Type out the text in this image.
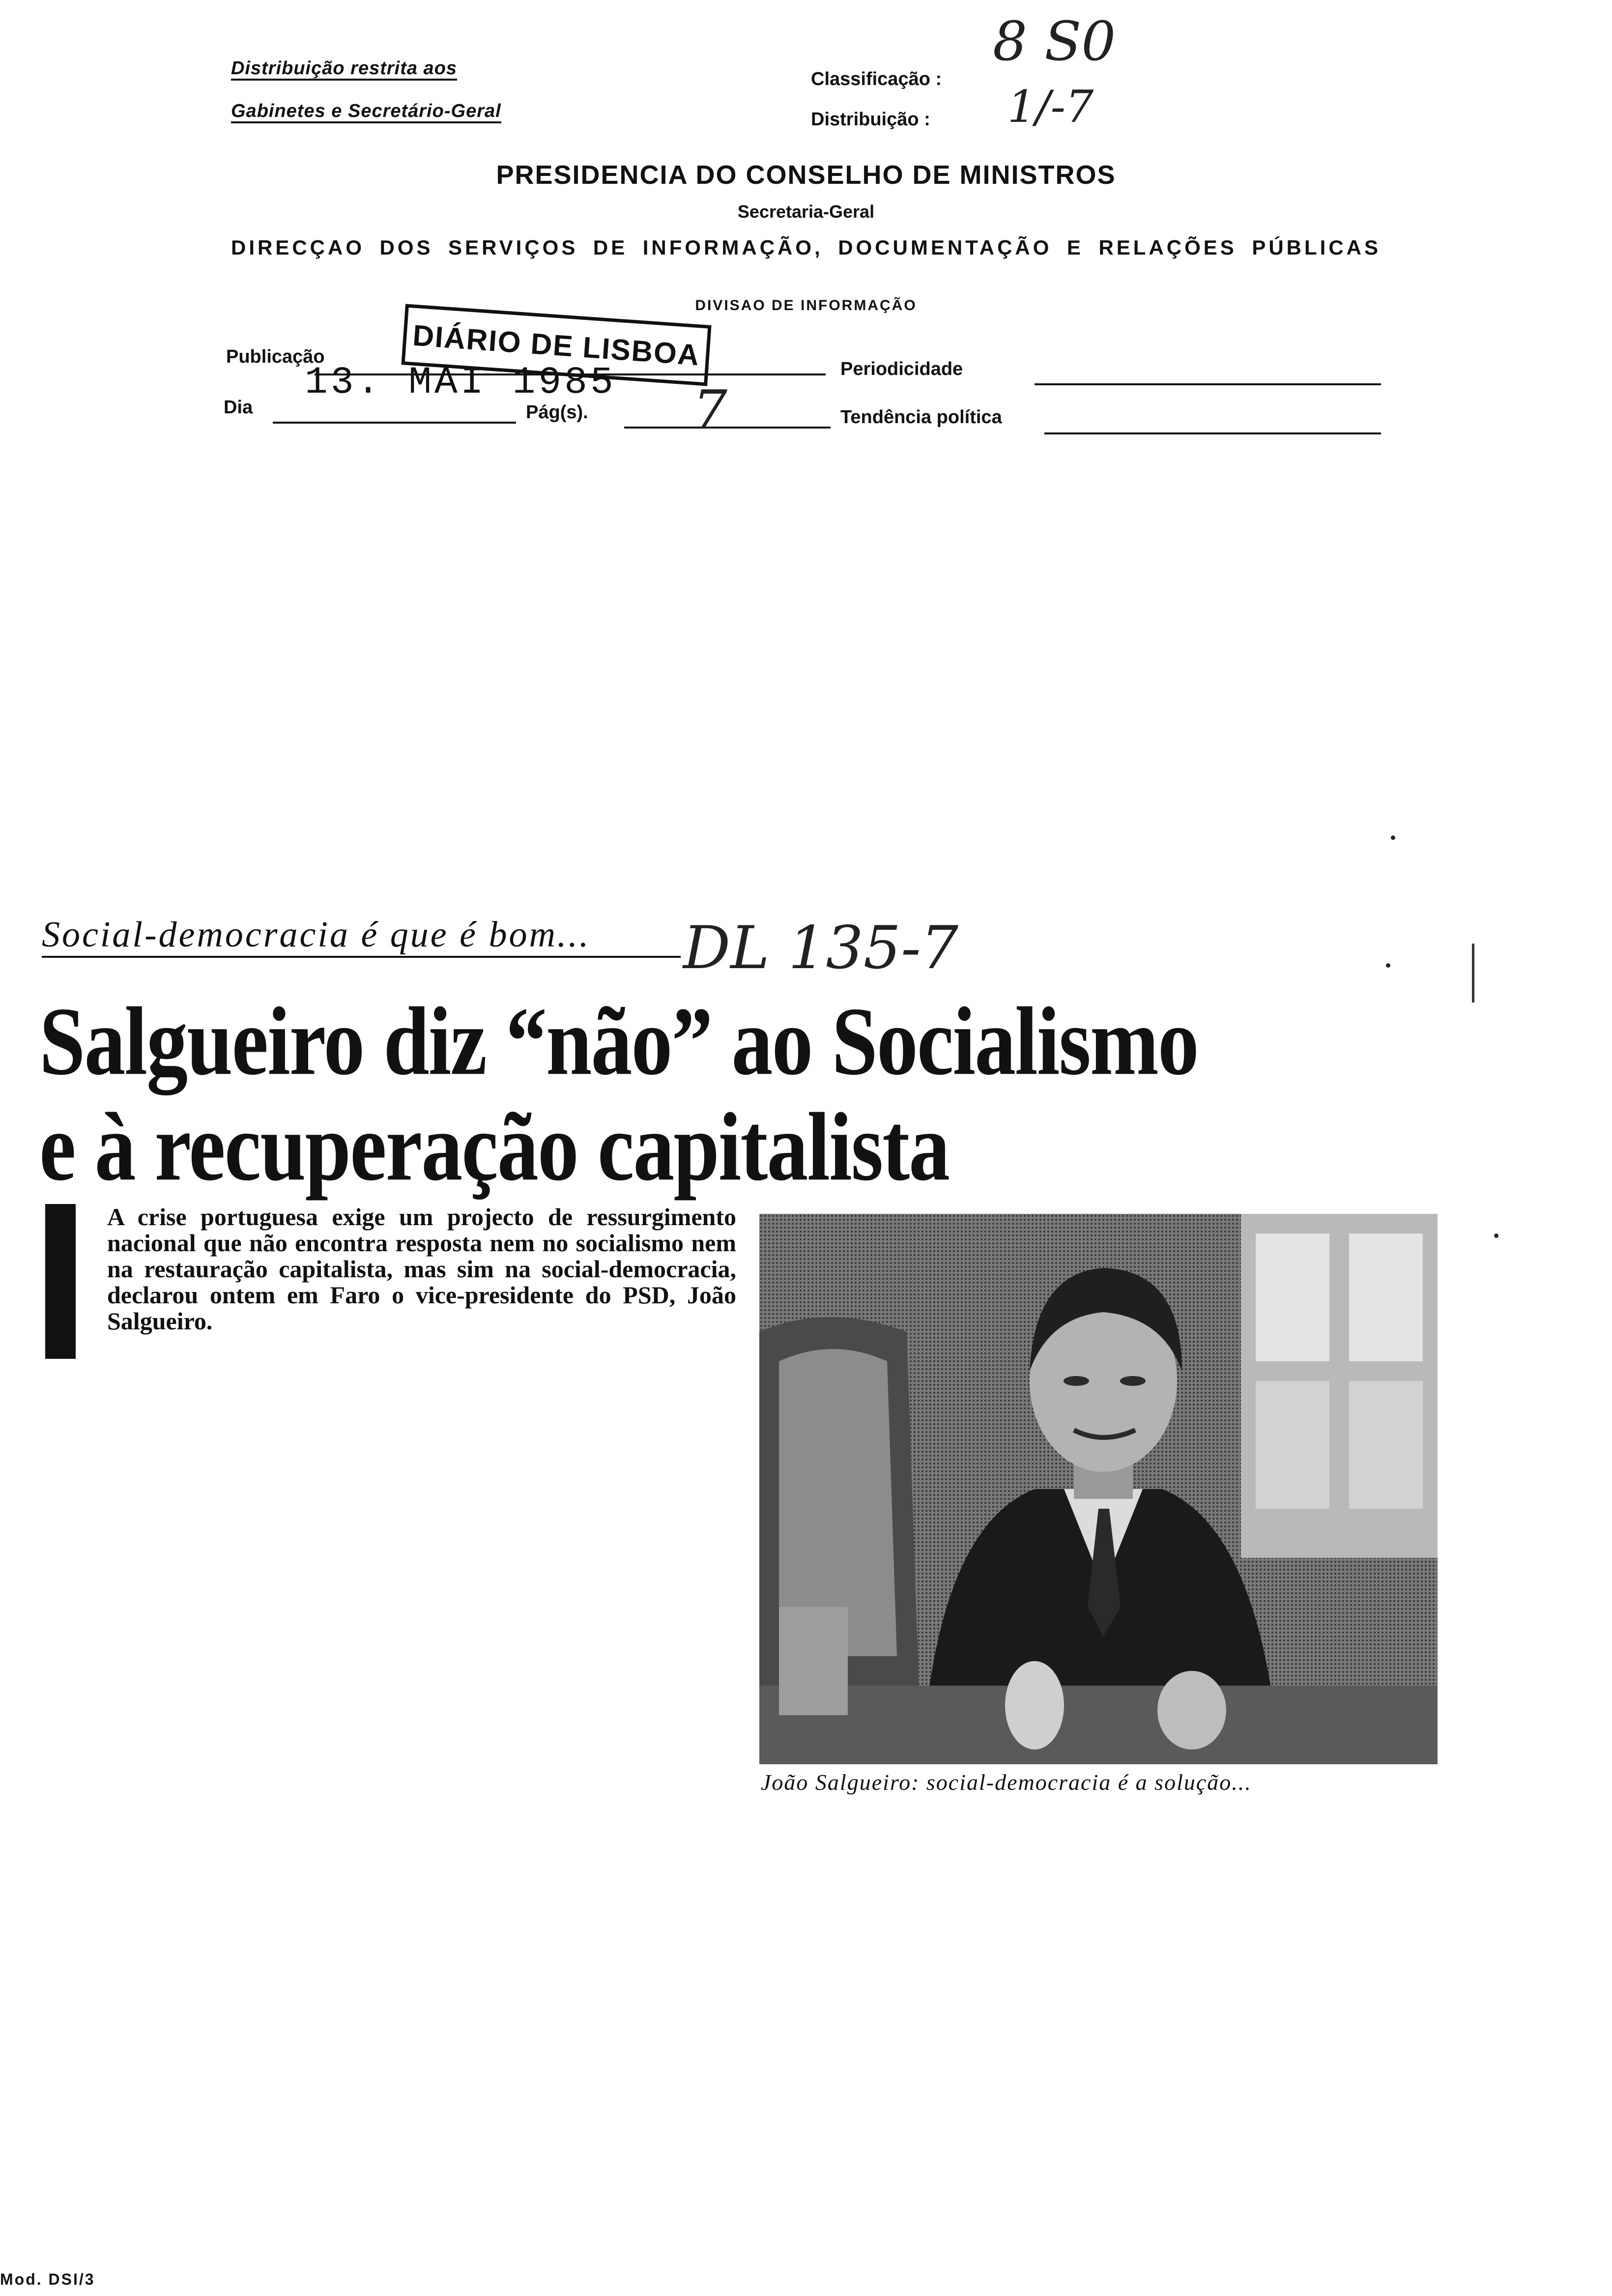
Distribuição restrita aos
Gabinetes e Secretário-Geral
Classificação :
Distribuição :
8 S0
1/-7
PRESIDENCIA DO CONSELHO DE MINISTROS
Secretaria-Geral
DIRECÇAO DOS SERVIÇOS DE INFORMAÇÃO, DOCUMENTAÇÃO E RELAÇÕES PÚBLICAS
DIVISAO DE INFORMAÇÃO
Publicação	DIÁRIO DE LISBOA
13. MAI 1985
Dia	Pág(s). 7
Periodicidade
Tendência política
Social-democracia é que é bom... DL 135-7
Salgueiro diz “não” ao Socialismo
e à recuperação capitalista
A crise portuguesa exige um projecto de ressurgimento nacional que não encontra resposta nem no socialismo nem na restauração capitalista, mas sim na social-democracia, declarou ontem em Faro o vice-presidente do PSD, João Salgueiro.
João Salgueiro: social-democracia é a solução...
Mod. DSI/3
